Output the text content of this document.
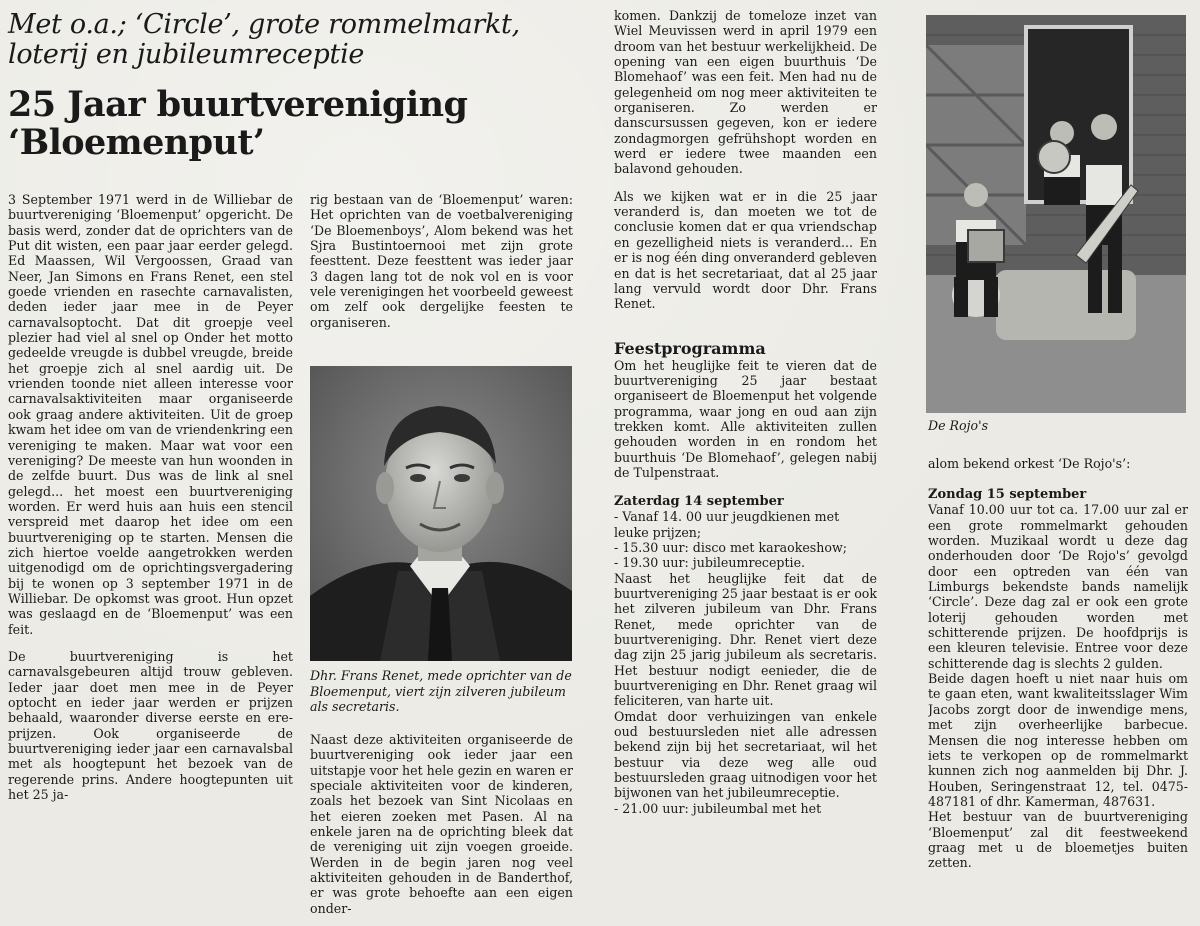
Met o.a.; ‘Circle’, grote rommelmarkt, loterij en jubileumreceptie
25 Jaar buurtvereniging ‘Bloemenput’

3 September 1971 werd in de Williebar de buurtvereniging ‘Bloemenput’ opgericht. De basis werd, zonder dat de oprichters van de Put dit wisten, een paar jaar eerder gelegd. Ed Maassen, Wil Vergoossen, Graad van Neer, Jan Simons en Frans Renet, een stel goede vrienden en rasechte carnavalisten, deden ieder jaar mee in de Peyer carnavalsoptocht. Dat dit groepje veel plezier had viel al snel op Onder het motto gedeelde vreugde is dubbel vreugde, breide het groepje zich al snel aardig uit. De vrienden toonde niet alleen interesse voor carnavalsaktiviteiten maar organiseerde ook graag andere aktiviteiten. Uit de groep kwam het idee om van de vriendenkring een vereniging te maken. Maar wat voor een vereniging? De meeste van hun woonden in de zelfde buurt. Dus was de link al snel gelegd... het moest een buurtvereniging worden. Er werd huis aan huis een stencil verspreid met daarop het idee om een buurtvereniging op te starten. Mensen die zich hiertoe voelde aangetrokken werden uitgenodigd om de oprichtingsvergadering bij te wonen op 3 september 1971 in de Williebar. De opkomst was groot. Hun opzet was geslaagd en de ‘Bloemenput’ was een feit.

De buurtvereniging is het carnavalsgebeuren altijd trouw gebleven. Ieder jaar doet men mee in de Peyer optocht en ieder jaar werden er prijzen behaald, waaronder diverse eerste en ere-prijzen. Ook organiseerde de buurtvereniging ieder jaar een carnavalsbal met als hoogtepunt het bezoek van de regerende prins. Andere hoogtepunten uit het 25 ja-

rig bestaan van de ‘Bloemenput’ waren: Het oprichten van de voetbalvereniging ‘De Bloemenboys’, Alom bekend was het Sjra Bustintoernooi met zijn grote feesttent. Deze feesttent was ieder jaar 3 dagen lang tot de nok vol en is voor vele verenigingen het voorbeeld geweest om zelf ook dergelijke feesten te organiseren.

Dhr. Frans Renet, mede oprichter van de Bloemenput, viert zijn zilveren jubileum als secretaris.

Naast deze aktiviteiten organiseerde de buurtvereniging ook ieder jaar een uitstapje voor het hele gezin en waren er speciale aktiviteiten voor de kinderen, zoals het bezoek van Sint Nicolaas en het eieren zoeken met Pasen. Al na enkele jaren na de oprichting bleek dat de vereniging uit zijn voegen groeide. Werden in de begin jaren nog veel aktiviteiten gehouden in de Banderthof, er was grote behoefte aan een eigen onder-

komen. Dankzij de tomeloze inzet van Wiel Meuvissen werd in april 1979 een droom van het bestuur werkelijkheid. De opening van een eigen buurthuis ‘De Blomehaof’ was een feit. Men had nu de gelegenheid om nog meer aktiviteiten te organiseren. Zo werden er danscursussen gegeven, kon er iedere zondagmorgen gefrühshopt worden en werd er iedere twee maanden een balavond gehouden.

Als we kijken wat er in die 25 jaar veranderd is, dan moeten we tot de conclusie komen dat er qua vriendschap en gezelligheid niets is veranderd... En er is nog één ding onveranderd gebleven en dat is het secretariaat, dat al 25 jaar lang vervuld wordt door Dhr. Frans Renet.

Feestprogramma

Om het heuglijke feit te vieren dat de buurtvereniging 25 jaar bestaat organiseert de Bloemenput het volgende programma, waar jong en oud aan zijn trekken komt. Alle aktiviteiten zullen gehouden worden in en rondom het buurthuis ‘De Blomehaof’, gelegen nabij de Tulpenstraat.

Zaterdag 14 september

- Vanaf 14. 00 uur jeugdkienen met leuke prijzen;
- 15.30 uur: disco met karaokeshow;
- 19.30 uur: jubileumreceptie.

Naast het heuglijke feit dat de buurtvereniging 25 jaar bestaat is er ook het zilveren jubileum van Dhr. Frans Renet, mede oprichter van de buurtvereniging. Dhr. Renet viert deze dag zijn 25 jarig jubileum als secretaris. Het bestuur nodigt eenieder, die de buurtvereniging en Dhr. Renet graag wil feliciteren, van harte uit.

Omdat door verhuizingen van enkele oud bestuursleden niet alle adressen bekend zijn bij het secretariaat, wil het bestuur via deze weg alle oud bestuursleden graag uitnodigen voor het bijwonen van het jubileumreceptie.

- 21.00 uur: jubileumbal met het

De Rojo's

alom bekend orkest ‘De Rojo's’:

Zondag 15 september

Vanaf 10.00 uur tot ca. 17.00 uur zal er een grote rommelmarkt gehouden worden. Muzikaal wordt u deze dag onderhouden door ‘De Rojo's’ gevolgd door een optreden van één van Limburgs bekendste bands namelijk ‘Circle’. Deze dag zal er ook een grote loterij gehouden worden met schitterende prijzen. De hoofdprijs is een kleuren televisie. Entree voor deze schitterende dag is slechts 2 gulden.

Beide dagen hoeft u niet naar huis om te gaan eten, want kwaliteitsslager Wim Jacobs zorgt door de inwendige mens, met zijn overheerlijke barbecue. Mensen die nog interesse hebben om iets te verkopen op de rommelmarkt kunnen zich nog aanmelden bij Dhr. J. Houben, Seringenstraat 12, tel. 0475-487181 of dhr. Kamerman, 487631.

Het bestuur van de buurtvereniging ‘Bloemenput’ zal dit feestweekend graag met u de bloemetjes buiten zetten.
